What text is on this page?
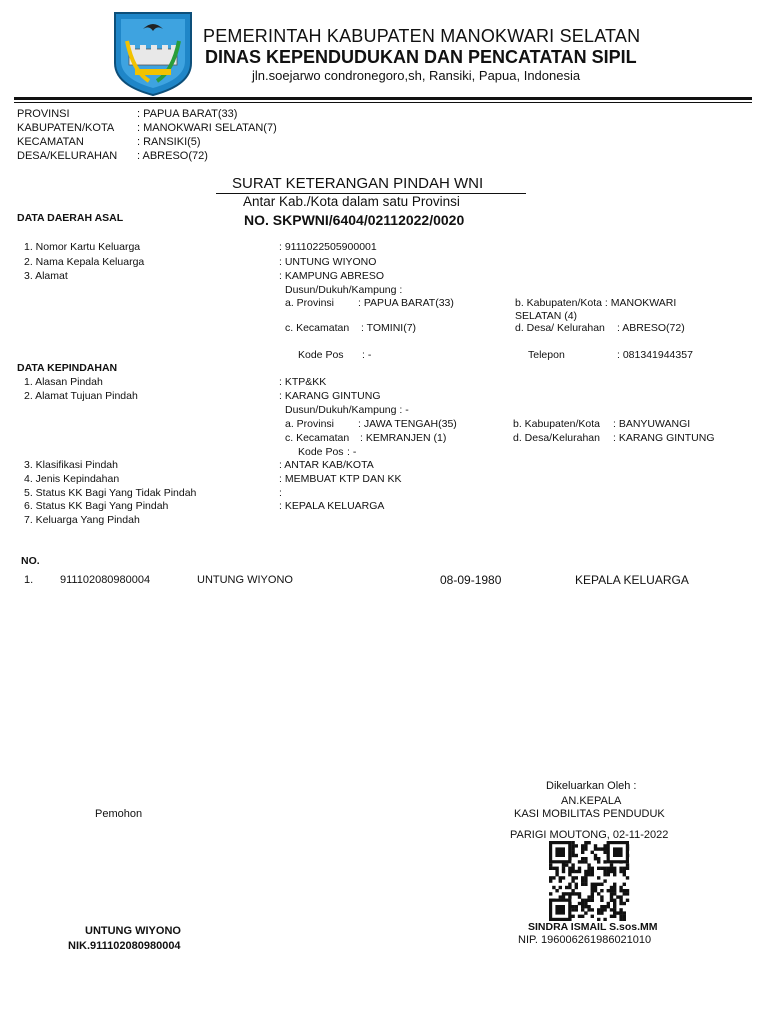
PEMERINTAH KABUPATEN MANOKWARI SELATAN
DINAS KEPENDUDUKAN DAN PENCATATAN SIPIL
jln.soejarwo condronegoro,sh, Ransiki, Papua, Indonesia
PROVINSI	: PAPUA BARAT(33)
KABUPATEN/KOTA : MANOKWARI SELATAN(7)
KECAMATAN	: RANSIKI(5)
DESA/KELURAHAN : ABRESO(72)
SURAT KETERANGAN PINDAH WNI
Antar Kab./Kota dalam satu Provinsi
NO. SKPWNI/6404/02112022/0020
DATA DAERAH ASAL
1. Nomor Kartu Keluarga	: 9111022505900001
2. Nama Kepala Keluarga	: UNTUNG WIYONO
3. Alamat	: KAMPUNG ABRESO
Dusun/Dukuh/Kampung :
a. Provinsi : PAPUA BARAT(33)	b. Kabupaten/Kota : MANOKWARI
SELATAN (4)
c. Kecamatan : TOMINI(7)	d. Desa/ Kelurahan : ABRESO(72)
Kode Pos : -	Telepon	: 081341944357
DATA KEPINDAHAN
1. Alasan Pindah	: KTP&KK
2. Alamat Tujuan Pindah	: KARANG GINTUNG
Dusun/Dukuh/Kampung : -
a. Provinsi : JAWA TENGAH(35)	b. Kabupaten/Kota : BANYUWANGI
c. Kecamatan : KEMRANJEN (1)	d. Desa/Kelurahan : KARANG GINTUNG
Kode Pos : -
3. Klasifikasi Pindah	: ANTAR KAB/KOTA
4. Jenis Kepindahan	: MEMBUAT KTP DAN KK
5. Status KK Bagi Yang Tidak Pindah	:
6. Status KK Bagi Yang Pindah	: KEPALA KELUARGA
7. Keluarga Yang Pindah
NO.
1. 911102080980004	UNTUNG WIYONO	08-09-1980	KEPALA KELUARGA
Pemohon
UNTUNG WIYONO
NIK.911102080980004
Dikeluarkan Oleh :
AN.KEPALA
KASI MOBILITAS PENDUDUK
PARIGI MOUTONG, 02-11-2022
SINDRA ISMAIL S.sos.MM
NIP. 196006261986021010
